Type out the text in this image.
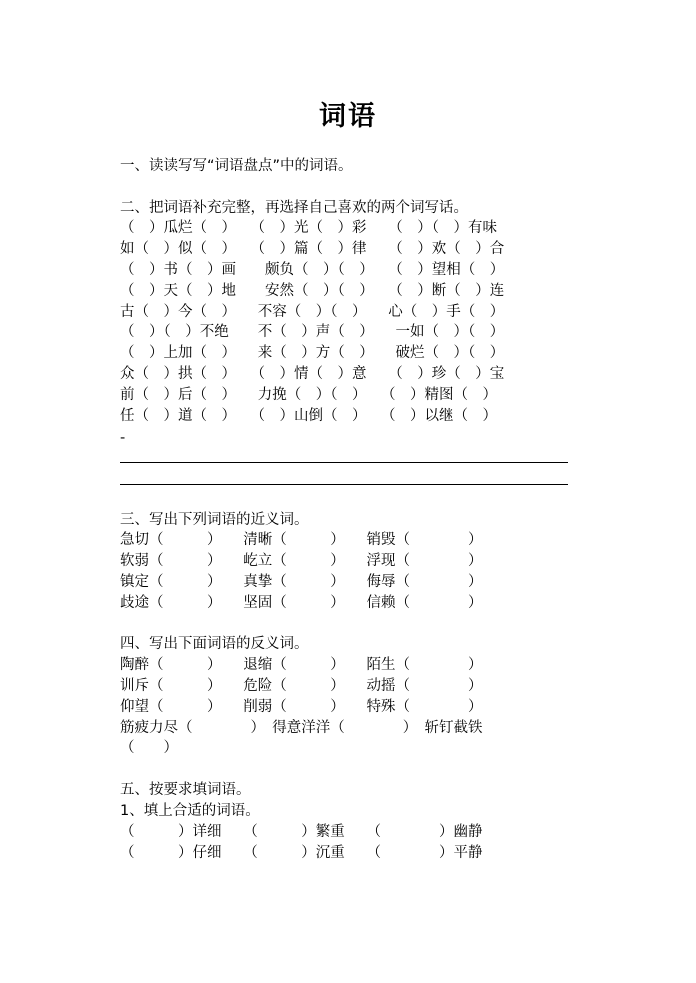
词语
一、读读写写“词语盘点”中的词语。
二、把词语补充完整，再选择自己喜欢的两个词写话。
（　）瓜烂（　）　　（　）光（　）彩　　（　）（　）有味
如（　）似（　）　　（　）篇（　）律　　（　）欢（　）合
（　）书（　）画　　颇负（　）（　）　　（　）望相（　）
（　）天（　）地　　安然（　）（　）　　（　）断（　）连
古（　）今（　）　　不容（　）（　）　　心（　）手（　）
（　）（　）不绝　　不（　）声（　）　　一如（　）（　）
（　）上加（　）　　来（　）方（　）　　破烂（　）（　）
众（　）拱（　）　　（　）情（　）意　　（　）珍（　）宝
前（　）后（　）　　力挽（　）（　）　　（　）精图（　）
任（　）道（　）　　（　）山倒（　）　　（　）以继（　）
-
三、写出下列词语的近义词。
急切（　　　）　　清晰（　　　）　　销毁（　　　　）
软弱（　　　）　　屹立（　　　）　　浮现（　　　　）
镇定（　　　）　　真挚（　　　）　　侮辱（　　　　）
歧途（　　　）　　坚固（　　　）　　信赖（　　　　）
四、写出下面词语的反义词。
陶醉（　　　）　　退缩（　　　）　　陌生（　　　　）
训斥（　　　）　　危险（　　　）　　动摇（　　　　）
仰望（　　　）　　削弱（　　　）　　特殊（　　　　）
筋疲力尽（　　　　）　得意洋洋（　　　　）　斩钉截铁
（　　）
五、按要求填词语。
1、填上合适的词语。
（　　　）详细　　（　　　）繁重　　（　　　　）幽静
（　　　）仔细　　（　　　）沉重　　（　　　　）平静
